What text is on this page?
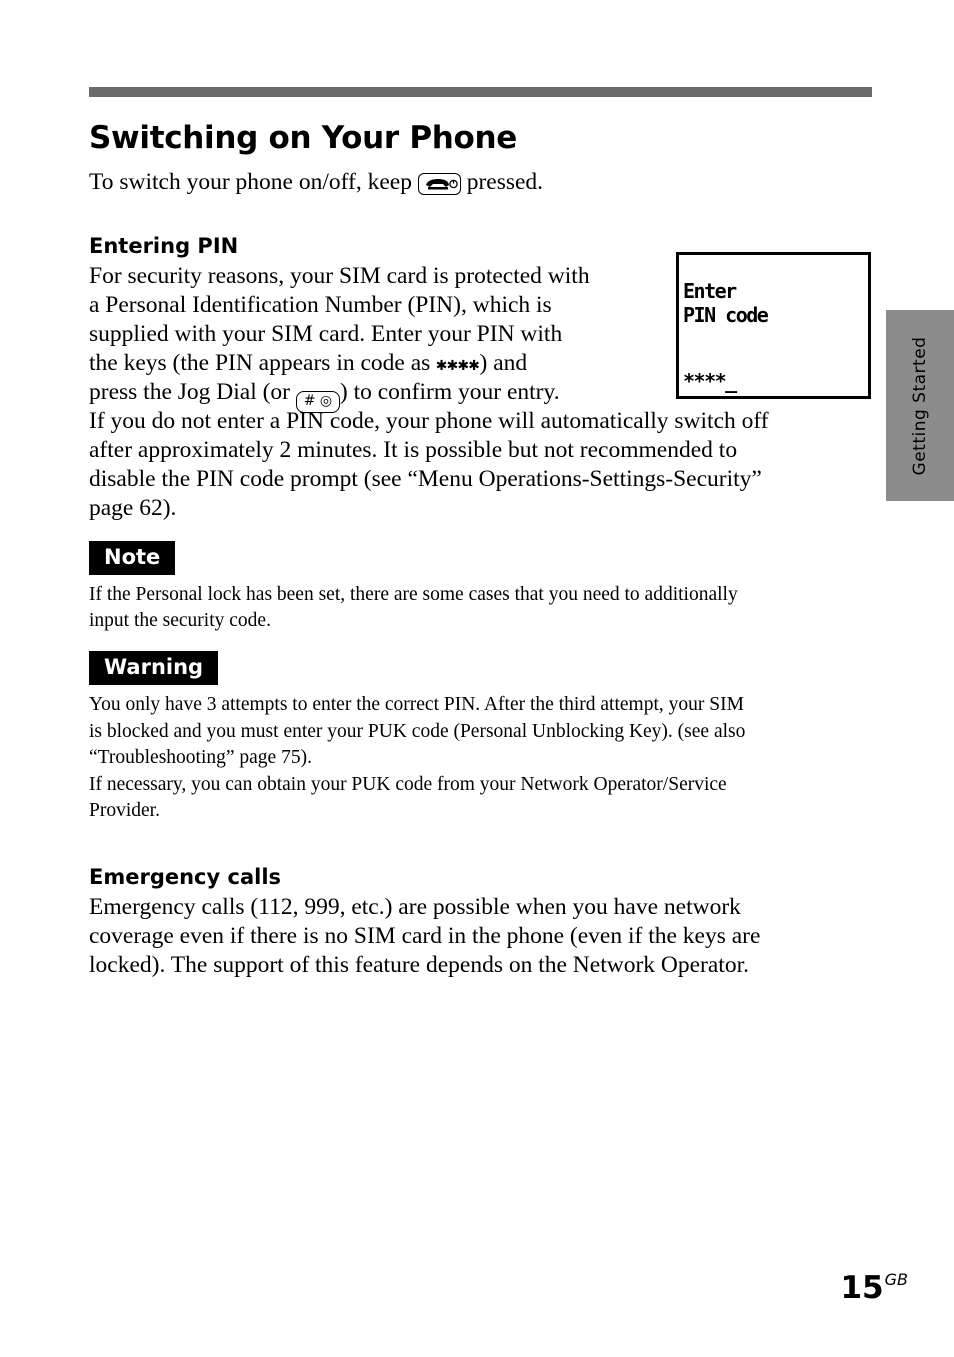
Switching on Your Phone
To switch your phone on/off, keep
pressed.
Entering PIN
For security reasons, your SIM card is protected with
a Personal Identification Number (PIN), which is
supplied with your SIM card. Enter your PIN with
the keys (the PIN appears in code as ✱✱✱✱) and
press the Jog Dial (or # ◎ ) to confirm your entry.
If you do not enter a PIN code, your phone will automatically switch off
after approximately 2 minutes. It is possible but not recommended to
disable the PIN code prompt (see “Menu Operations-Settings-Security”
page 62).
Enter
PIN code
****_
Note
If the Personal lock has been set, there are some cases that you need to additionally
input the security code.
Warning
You only have 3 attempts to enter the correct PIN. After the third attempt, your SIM
is blocked and you must enter your PUK code (Personal Unblocking Key). (see also
“Troubleshooting” page 75).
If necessary, you can obtain your PUK code from your Network Operator/Service
Provider.
Emergency calls
Emergency calls (112, 999, etc.) are possible when you have network
coverage even if there is no SIM card in the phone (even if the keys are
locked). The support of this feature depends on the Network Operator.
Getting Started
15GB
